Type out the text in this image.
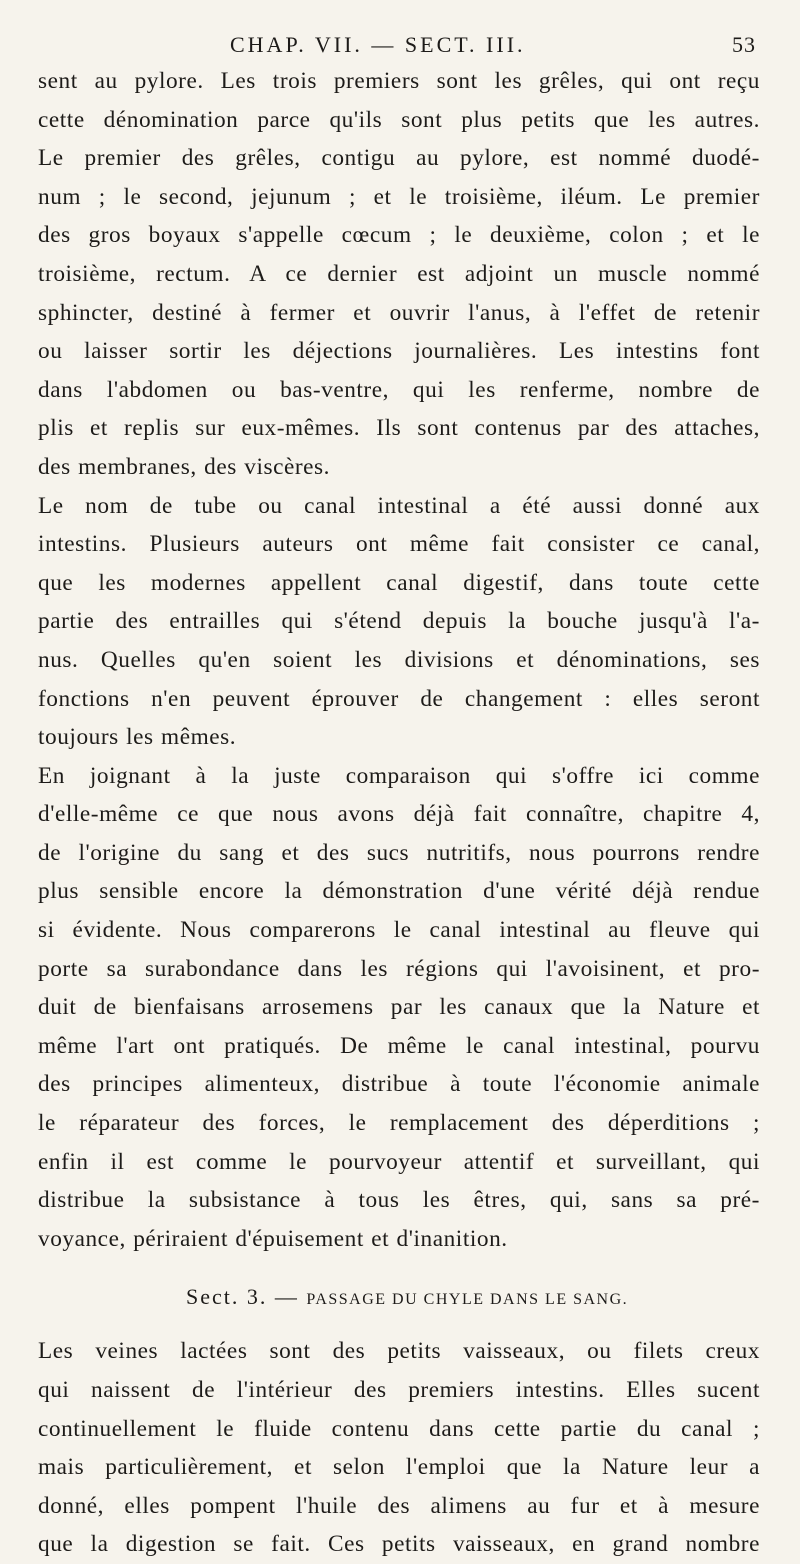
CHAP. VII. — SECT. III.	53

sent au pylore. Les trois premiers sont les grêles, qui ont reçu
cette dénomination parce qu'ils sont plus petits que les autres.
Le premier des grêles, contigu au pylore, est nommé duodé-
num ; le second, jejunum ; et le troisième, iléum. Le premier
des gros boyaux s'appelle cœcum ; le deuxième, colon ; et le
troisième, rectum. A ce dernier est adjoint un muscle nommé
sphincter, destiné à fermer et ouvrir l'anus, à l'effet de retenir
ou laisser sortir les déjections journalières. Les intestins font
dans l'abdomen ou bas-ventre, qui les renferme, nombre de
plis et replis sur eux-mêmes. Ils sont contenus par des attaches,
des membranes, des viscères.

Le nom de tube ou canal intestinal a été aussi donné aux
intestins. Plusieurs auteurs ont même fait consister ce canal,
que les modernes appellent canal digestif, dans toute cette
partie des entrailles qui s'étend depuis la bouche jusqu'à l'a-
nus. Quelles qu'en soient les divisions et dénominations, ses
fonctions n'en peuvent éprouver de changement : elles seront
toujours les mêmes.

En joignant à la juste comparaison qui s'offre ici comme
d'elle-même ce que nous avons déjà fait connaître, chapitre 4,
de l'origine du sang et des sucs nutritifs, nous pourrons rendre
plus sensible encore la démonstration d'une vérité déjà rendue
si évidente. Nous comparerons le canal intestinal au fleuve qui
porte sa surabondance dans les régions qui l'avoisinent, et pro-
duit de bienfaisans arrosemens par les canaux que la Nature et
même l'art ont pratiqués. De même le canal intestinal, pourvu
des principes alimenteux, distribue à toute l'économie animale
le réparateur des forces, le remplacement des déperditions ;
enfin il est comme le pourvoyeur attentif et surveillant, qui
distribue la subsistance à tous les êtres, qui, sans sa pré-
voyance, périraient d'épuisement et d'inanition.

Sect. 3. — PASSAGE DU CHYLE DANS LE SANG.

Les veines lactées sont des petits vaisseaux, ou filets creux
qui naissent de l'intérieur des premiers intestins. Elles sucent
continuellement le fluide contenu dans cette partie du canal ;
mais particulièrement, et selon l'emploi que la Nature leur a
donné, elles pompent l'huile des alimens au fur et à mesure
que la digestion se fait. Ces petits vaisseaux, en grand nombre
